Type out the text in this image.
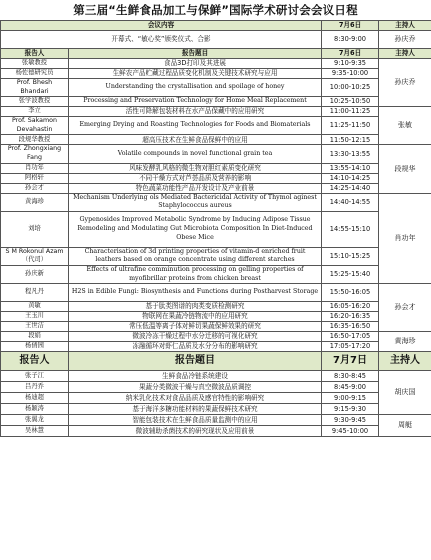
第三届“生鲜食品加工与保鲜”国际学术研讨会会议日程
会议内容		7月6日	主持人
开幕式、“敏心奖”颁奖仪式、合影		8:30-9:00	孙庆乔
报告人	报告题目	7月6日	主持人
张敏教授	食品3D打印及其进展	9:10-9:35	孙庆乔
杨佐德研究员	生鲜农产品贮藏过程品质变化机制及关键技术研究与应用	9:35-10:00	
Prof. Bhesh Bhandari	Understanding the crystallisation and spoilage of honey	10:00-10:25	
张学波教授	Processing and Preservation Technology for Home Meal Replacement	10:25-10:50	
李立	活性可降解包装材料在水产品保藏中的应用研究	11:00-11:25	张敏
Prof. Sakamon Devahastin	Emerging Drying and Roasting Technologies for Foods and Biomaterials	11:25-11:50	
段规华教授	超高压技术在生鲜食品保鲜中的应用	11:50-12:15	
Prof. Zhongxiang Fang	Volatile compounds in novel functional grain tea	13:30-13:55	段规华
肖功年	风味发酵乳风格的微生物对胆红素质变化研究	13:55-14:10	
阿格轩	不同干燥方式对芦荟品质及营养的影响	14:10-14:25	
孙会才	特色蔬菜功能性产品开发设计及产业前景	14:25-14:40	
黄海珍	Mechanism Underlying ols Mediated Bactericidal Activity of Thymol aginest Staphylococcus aureus	14:40-14:55	肖功年
刘培	Gypenosides Improved Metabolic Syndrome by Inducing Adipose Tissue Remodeling and Modulating Gut Microbiota Composition In Diet-Induced Obese Mice	14:55-15:10	
S M Rokonul Azam（代司）	Characterisation of 3d printing properties of vitamin-d enriched fruit leathers based on orange concentrate using different starches	15:10-15:25	
孙庆新	Effects of ultrafine comminution processing on gelling properties of myofibrillar proteins from chicken breast	15:25-15:40	
程凡丹	H2S in Edible Fungi: Biosynthesis and Functions during Postharvest Storage	15:50-16:05	孙会才
黄敏	基于肽类图谱的肉类变质检测研究	16:05-16:20	
王玉川	物联网在果蔬冷链物流中的应用研究	16:20-16:35	
王世洁	常压低温等离子体对鲜切果蔬保鲜效果的研究	16:35-16:50	
段娟	微波冷冻干燥过程中水分迁移的可视化研究	16:50-17:05	黄海珍
杨倩园	冻融循环对虾仁品质及水分分布的影响研究	17:05-17:20	
报告人	报告题目	7月7日	主持人
张子江	生鲜食品冷链系统建设	8:30-8:45	胡庆国
吕丹乔	果蔬分类微波干燥与真空微波品质调控	8:45-9:00	
杨迪超	纳米乳化技术对食品品质及感官特性的影响研究	9:00-9:15	
杨颖涛	基于海洋多糖功能材料的果蔬保鲜技术研究	9:15-9:30	
张翼龙	智能包装技术在生鲜食品质量监测中的应用	9:30-9:45	周艇
吴林慧	微波辅助杀菌技术的研究现状及应用前景	9:45-10:00	
